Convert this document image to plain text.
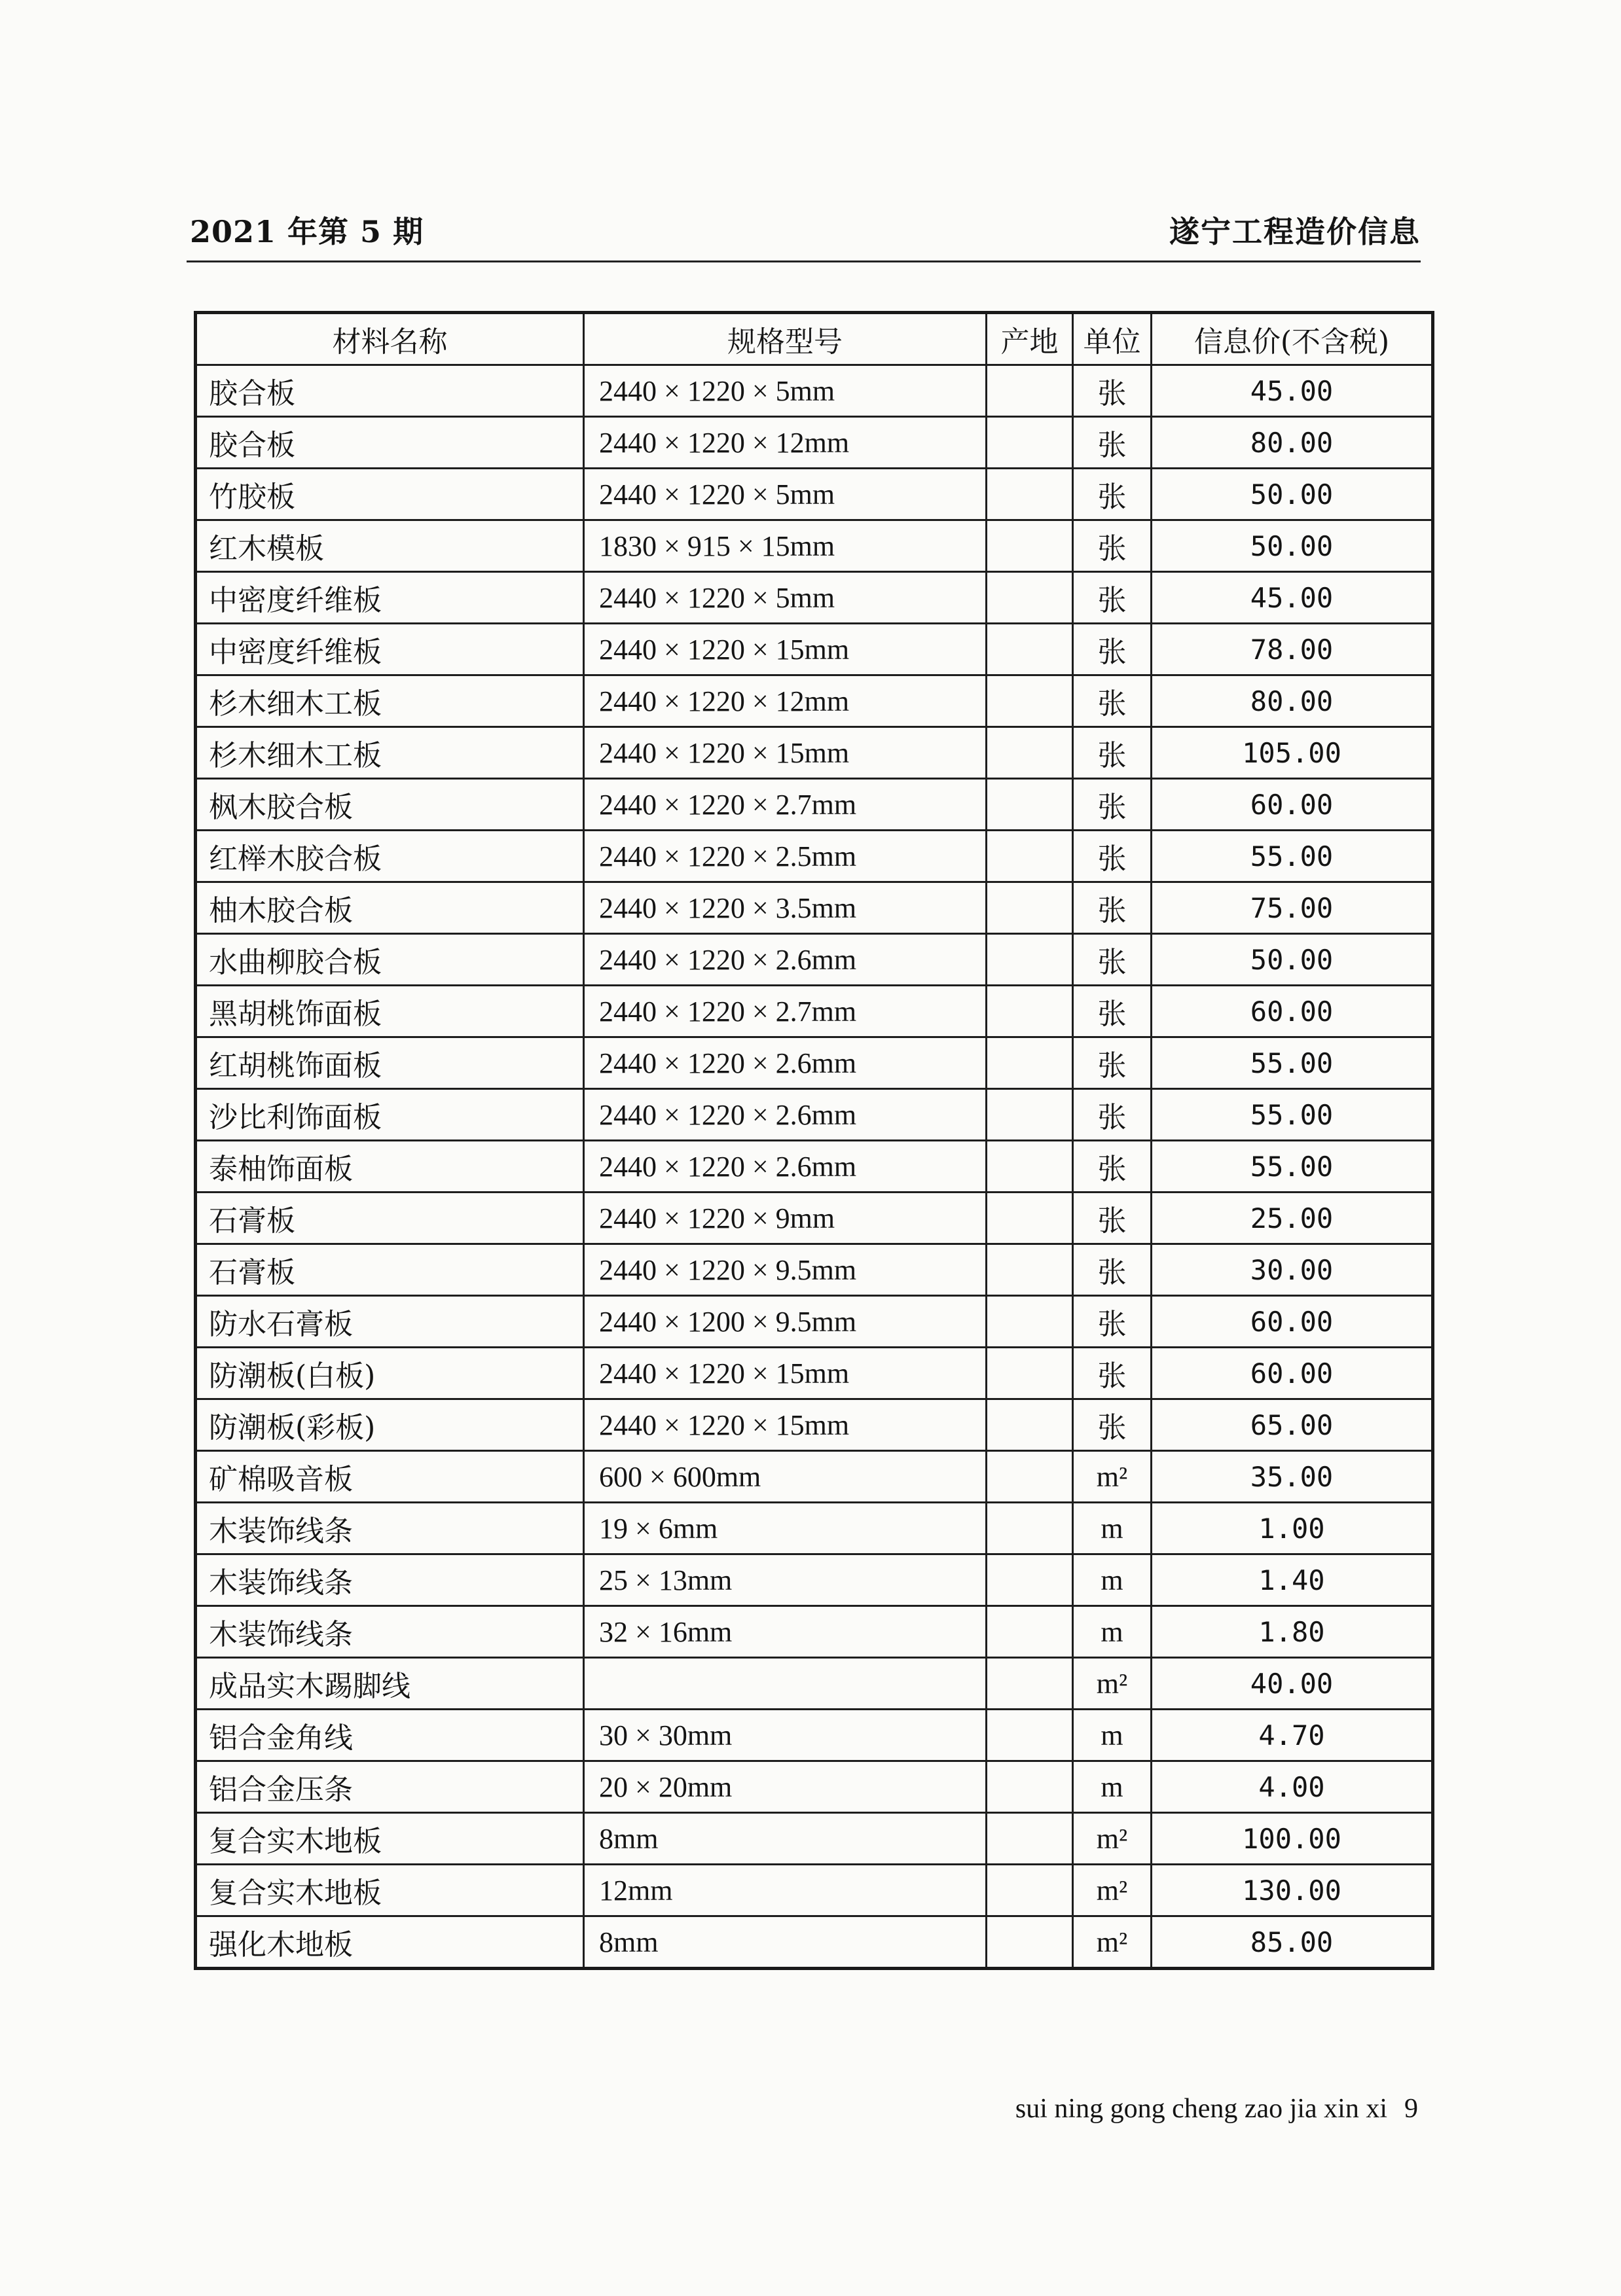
2021 年第 5 期	遂宁工程造价信息
材料名称	规格型号	产地	单位	信息价(不含税)
胶合板	2440 × 1220 × 5mm		张	45.00
胶合板	2440 × 1220 × 12mm		张	80.00
竹胶板	2440 × 1220 × 5mm		张	50.00
红木模板	1830 × 915 × 15mm		张	50.00
中密度纤维板	2440 × 1220 × 5mm		张	45.00
中密度纤维板	2440 × 1220 × 15mm		张	78.00
杉木细木工板	2440 × 1220 × 12mm		张	80.00
杉木细木工板	2440 × 1220 × 15mm		张	105.00
枫木胶合板	2440 × 1220 × 2.7mm		张	60.00
红榉木胶合板	2440 × 1220 × 2.5mm		张	55.00
柚木胶合板	2440 × 1220 × 3.5mm		张	75.00
水曲柳胶合板	2440 × 1220 × 2.6mm		张	50.00
黑胡桃饰面板	2440 × 1220 × 2.7mm		张	60.00
红胡桃饰面板	2440 × 1220 × 2.6mm		张	55.00
沙比利饰面板	2440 × 1220 × 2.6mm		张	55.00
泰柚饰面板	2440 × 1220 × 2.6mm		张	55.00
石膏板	2440 × 1220 × 9mm		张	25.00
石膏板	2440 × 1220 × 9.5mm		张	30.00
防水石膏板	2440 × 1200 × 9.5mm		张	60.00
防潮板(白板)	2440 × 1220 × 15mm		张	60.00
防潮板(彩板)	2440 × 1220 × 15mm		张	65.00
矿棉吸音板	600 × 600mm		m²	35.00
木装饰线条	19 × 6mm		m	1.00
木装饰线条	25 × 13mm		m	1.40
木装饰线条	32 × 16mm		m	1.80
成品实木踢脚线			m²	40.00
铝合金角线	30 × 30mm		m	4.70
铝合金压条	20 × 20mm		m	4.00
复合实木地板	8mm		m²	100.00
复合实木地板	12mm		m²	130.00
强化木地板	8mm		m²	85.00
sui ning gong cheng zao jia xin xi 9
